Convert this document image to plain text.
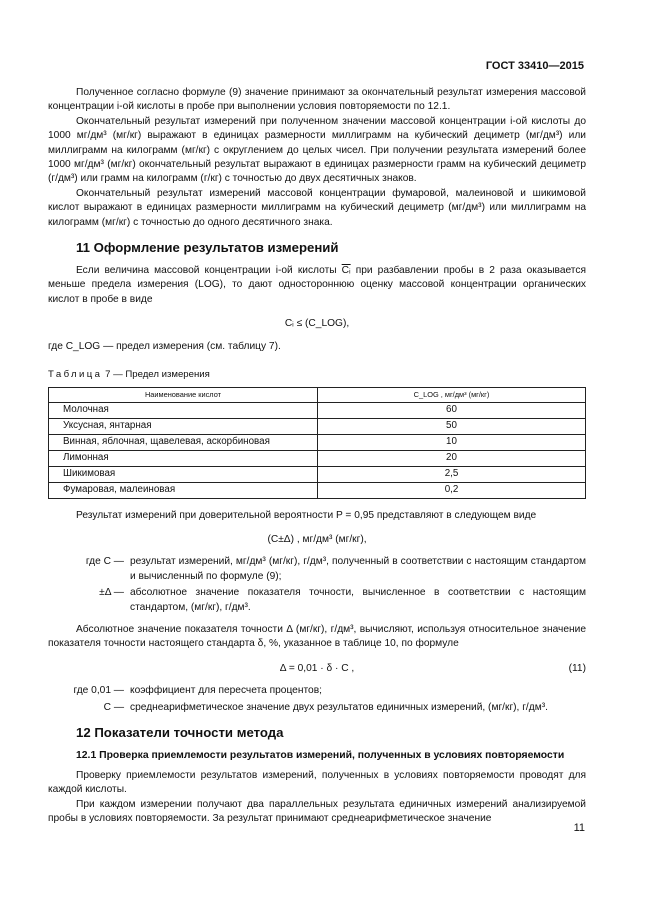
ГОСТ 33410—2015

Полученное согласно формуле (9) значение принимают за окончательный результат измерения массовой концентрации i-ой кислоты в пробе при выполнении условия повторяемости по 12.1.

Окончательный результат измерений при полученном значении массовой концентрации i-ой кислоты до 1000 мг/дм³ (мг/кг) выражают в единицах размерности миллиграмм на кубический дециметр (мг/дм³) или миллиграмм на килограмм (мг/кг) с округлением до целых чисел. При получении результата измерений более 1000 мг/дм³ (мг/кг) окончательный результат выражают в единицах размерности грамм на кубический дециметр (г/дм³) или грамм на килограмм (г/кг) с точностью до двух десятичных знаков.

Окончательный результат измерений массовой концентрации фумаровой, малеиновой и шикимовой кислот выражают в единицах размерности миллиграмм на кубический дециметр (мг/дм³) или миллиграмм на килограмм (мг/кг) с точностью до одного десятичного знака.

11 Оформление результатов измерений

Если величина массовой концентрации i-ой кислоты $\overline{Cᵢ}$ при разбавлении пробы в 2 раза оказывается меньше предела измерения (LOG), то дают одностороннюю оценку массовой концентрации органических кислот в пробе в виде

Cᵢ ≤ (C_LOG),

где C_LOG — предел измерения (см. таблицу 7).

Таблица 7 — Предел измерения
Наименование кислот	C_LOG , мг/дм³ (мг/кг)
Молочная	60
Уксусная, янтарная	50
Винная, яблочная, щавелевая, аскорбиновая	10
Лимонная	20
Шикимовая	2,5
Фумаровая, малеиновая	0,2

Результат измерений при доверительной вероятности P = 0,95 представляют в следующем виде

(C±Δ) , мг/дм³ (мг/кг),
где C — результат измерений, мг/дм³ (мг/кг), г/дм³, полученный в соответствии с настоящим стандартом и вычисленный по формуле (9);
±Δ — абсолютное значение показателя точности, вычисленное в соответствии с настоящим стандартом, (мг/кг), г/дм³.

Абсолютное значение показателя точности Δ (мг/кг), г/дм³, вычисляют, используя относительное значение показателя точности настоящего стандарта δ, %, указанное в таблице 10, по формуле

Δ = 0,01 · δ · C ,	(11)
где 0,01 — коэффициент для пересчета процентов;
C — среднеарифметическое значение двух результатов единичных измерений, (мг/кг), г/дм³.
12 Показатели точности метода
12.1 Проверка приемлемости результатов измерений, полученных в условиях повторяемости

Проверку приемлемости результатов измерений, полученных в условиях повторяемости проводят для каждой кислоты.

При каждом измерении получают два параллельных результата единичных измерений анализируемой пробы в условиях повторяемости. За результат принимают среднеарифметическое значение

11
